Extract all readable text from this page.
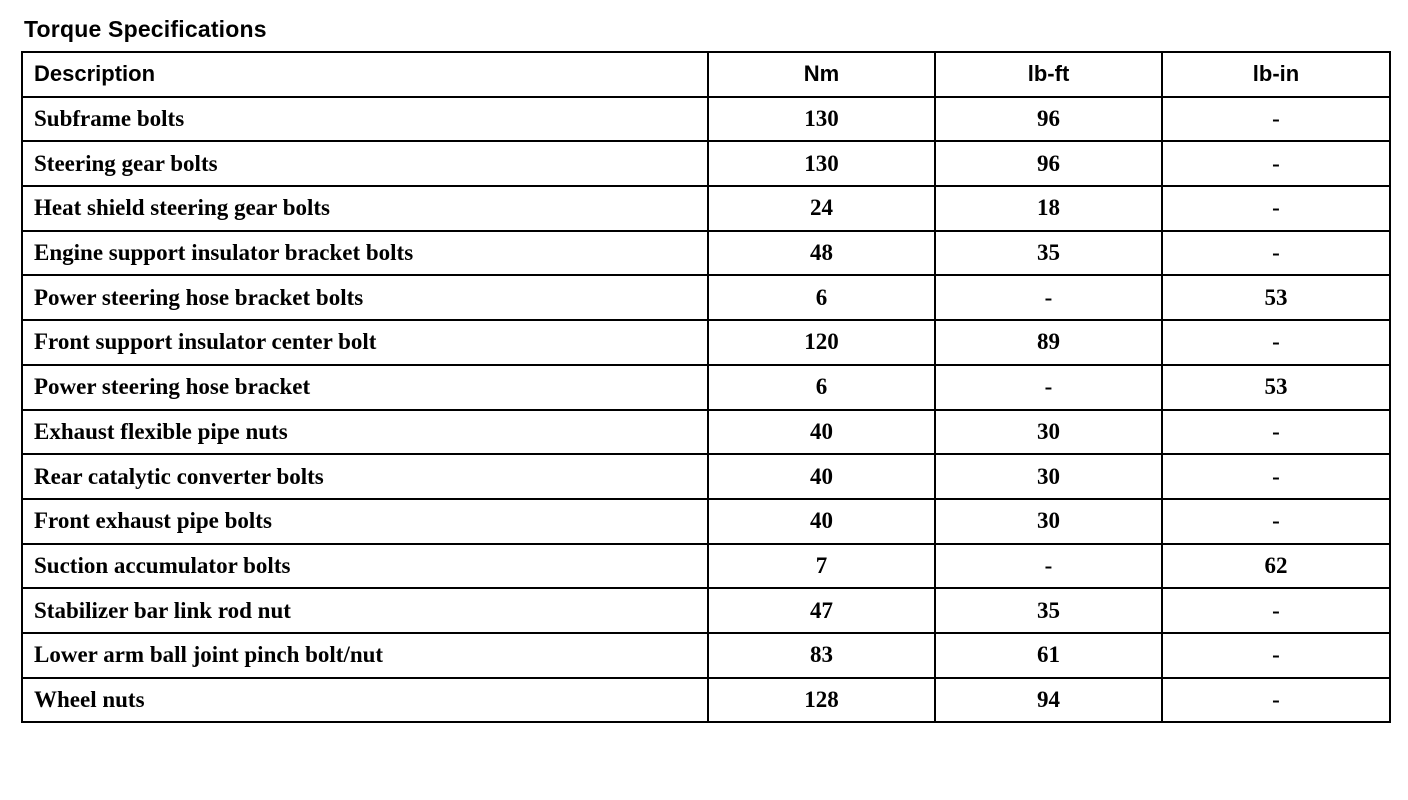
Torque Specifications
Description	Nm	lb-ft	lb-in
Subframe bolts	130	96	-
Steering gear bolts	130	96	-
Heat shield steering gear bolts	24	18	-
Engine support insulator bracket bolts	48	35	-
Power steering hose bracket bolts	6	-	53
Front support insulator center bolt	120	89	-
Power steering hose bracket	6	-	53
Exhaust flexible pipe nuts	40	30	-
Rear catalytic converter bolts	40	30	-
Front exhaust pipe bolts	40	30	-
Suction accumulator bolts	7	-	62
Stabilizer bar link rod nut	47	35	-
Lower arm ball joint pinch bolt/nut	83	61	-
Wheel nuts	128	94	-
